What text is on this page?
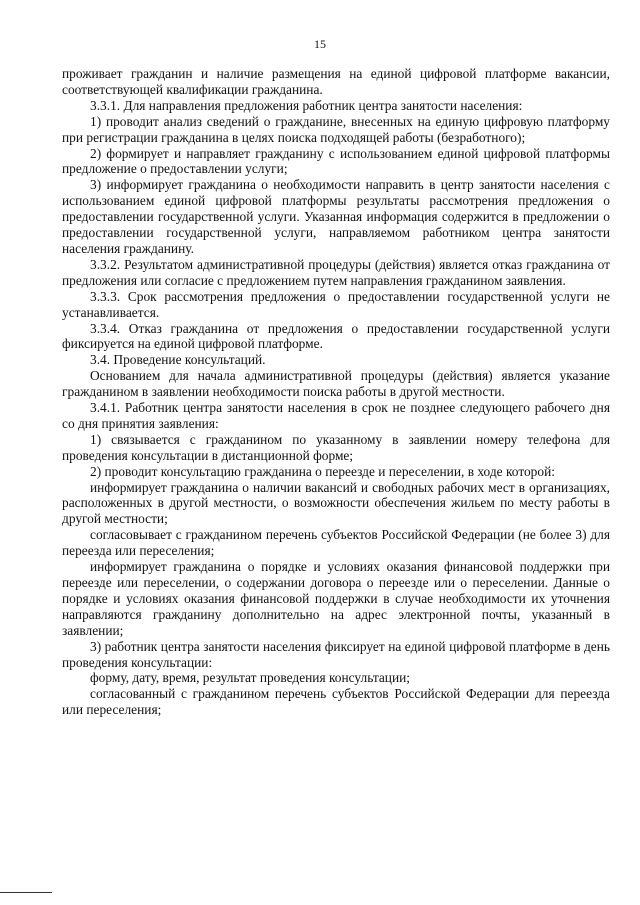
15

проживает гражданин и наличие размещения на единой цифровой платформе вакансии, соответствующей квалификации гражданина.

3.3.1. Для направления предложения работник центра занятости населения:

1) проводит анализ сведений о гражданине, внесенных на единую цифровую платформу при регистрации гражданина в целях поиска подходящей работы (безработного);

2) формирует и направляет гражданину с использованием единой цифровой платформы предложение о предоставлении услуги;

3) информирует гражданина о необходимости направить в центр занятости населения с использованием единой цифровой платформы результаты рассмотрения предложения о предоставлении государственной услуги. Указанная информация содержится в предложении о предоставлении государственной услуги, направляемом работником центра занятости населения гражданину.

3.3.2. Результатом административной процедуры (действия) является отказ гражданина от предложения или согласие с предложением путем направления гражданином заявления.

3.3.3. Срок рассмотрения предложения о предоставлении государственной услуги не устанавливается.

3.3.4. Отказ гражданина от предложения о предоставлении государственной услуги фиксируется на единой цифровой платформе.

3.4. Проведение консультаций.

Основанием для начала административной процедуры (действия) является указание гражданином в заявлении необходимости поиска работы в другой местности.

3.4.1. Работник центра занятости населения в срок не позднее следующего рабочего дня со дня принятия заявления:

1) связывается с гражданином по указанному в заявлении номеру телефона для проведения консультации в дистанционной форме;

2) проводит консультацию гражданина о переезде и переселении, в ходе которой:

информирует гражданина о наличии вакансий и свободных рабочих мест в организациях, расположенных в другой местности, о возможности обеспечения жильем по месту работы в другой местности;

согласовывает с гражданином перечень субъектов Российской Федерации (не более 3) для переезда или переселения;

информирует гражданина о порядке и условиях оказания финансовой поддержки при переезде или переселении, о содержании договора о переезде или о переселении. Данные о порядке и условиях оказания финансовой поддержки в случае необходимости их уточнения направляются гражданину дополнительно на адрес электронной почты, указанный в заявлении;

3) работник центра занятости населения фиксирует на единой цифровой платформе в день проведения консультации:

форму, дату, время, результат проведения консультации;

согласованный с гражданином перечень субъектов Российской Федерации для переезда или переселения;
